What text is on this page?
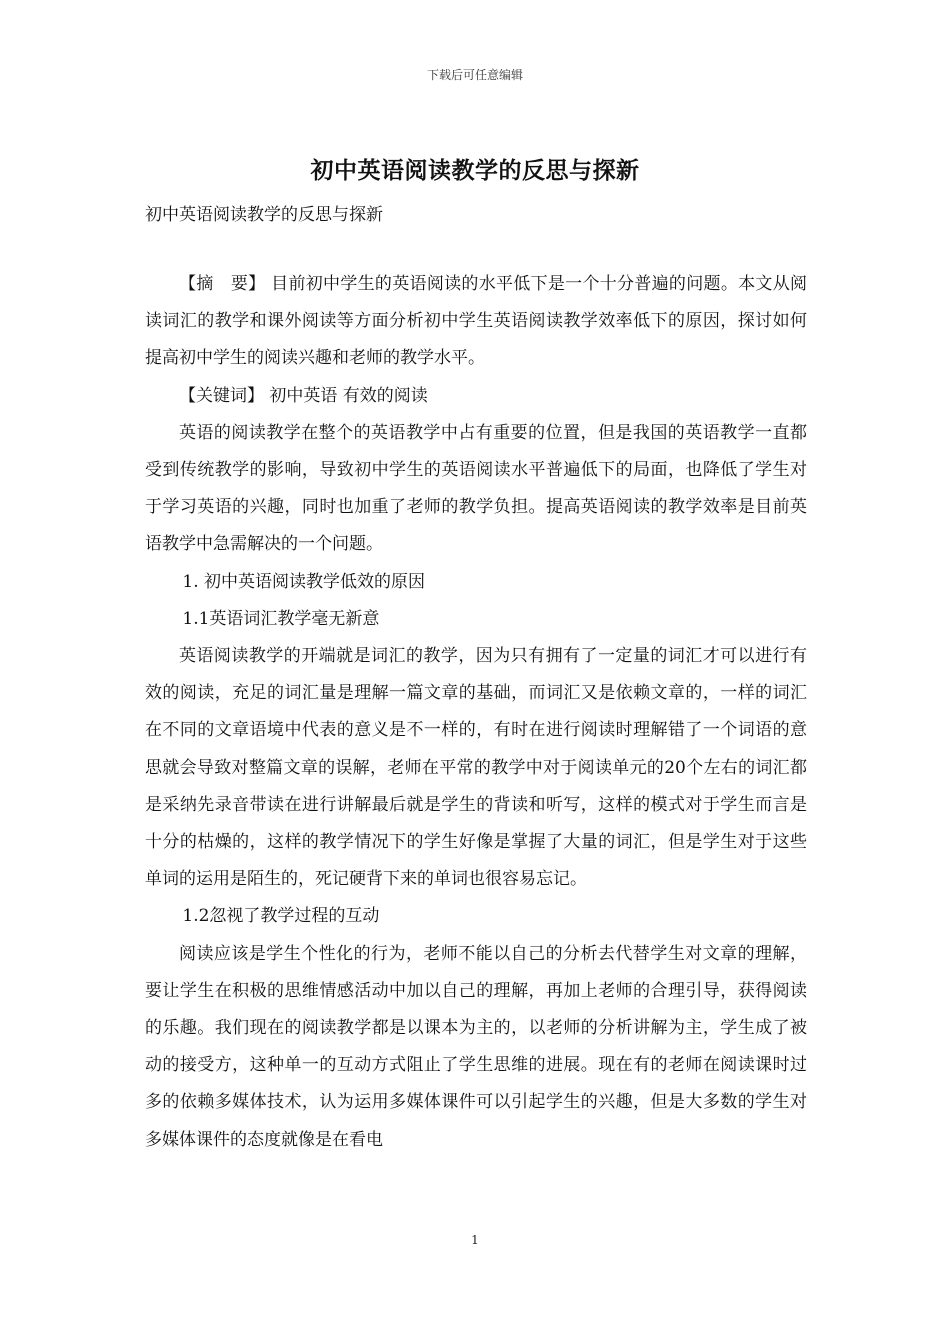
下载后可任意编辑
初中英语阅读教学的反思与探新
初中英语阅读教学的反思与探新

【摘　要】 目前初中学生的英语阅读的水平低下是一个十分普遍的问题。本文从阅读词汇的教学和课外阅读等方面分析初中学生英语阅读教学效率低下的原因，探讨如何提高初中学生的阅读兴趣和老师的教学水平。

【关键词】 初中英语 有效的阅读

英语的阅读教学在整个的英语教学中占有重要的位置，但是我国的英语教学一直都受到传统教学的影响，导致初中学生的英语阅读水平普遍低下的局面，也降低了学生对于学习英语的兴趣，同时也加重了老师的教学负担。提高英语阅读的教学效率是目前英语教学中急需解决的一个问题。

1. 初中英语阅读教学低效的原因

1.1英语词汇教学毫无新意

英语阅读教学的开端就是词汇的教学，因为只有拥有了一定量的词汇才可以进行有效的阅读，充足的词汇量是理解一篇文章的基础，而词汇又是依赖文章的，一样的词汇在不同的文章语境中代表的意义是不一样的，有时在进行阅读时理解错了一个词语的意思就会导致对整篇文章的误解，老师在平常的教学中对于阅读单元的20个左右的词汇都是采纳先录音带读在进行讲解最后就是学生的背读和听写，这样的模式对于学生而言是十分的枯燥的，这样的教学情况下的学生好像是掌握了大量的词汇，但是学生对于这些单词的运用是陌生的，死记硬背下来的单词也很容易忘记。

1.2忽视了教学过程的互动

阅读应该是学生个性化的行为，老师不能以自己的分析去代替学生对文章的理解，要让学生在积极的思维情感活动中加以自己的理解，再加上老师的合理引导，获得阅读的乐趣。我们现在的阅读教学都是以课本为主的，以老师的分析讲解为主，学生成了被动的接受方，这种单一的互动方式阻止了学生思维的进展。现在有的老师在阅读课时过多的依赖多媒体技术，认为运用多媒体课件可以引起学生的兴趣，但是大多数的学生对多媒体课件的态度就像是在看电

1
